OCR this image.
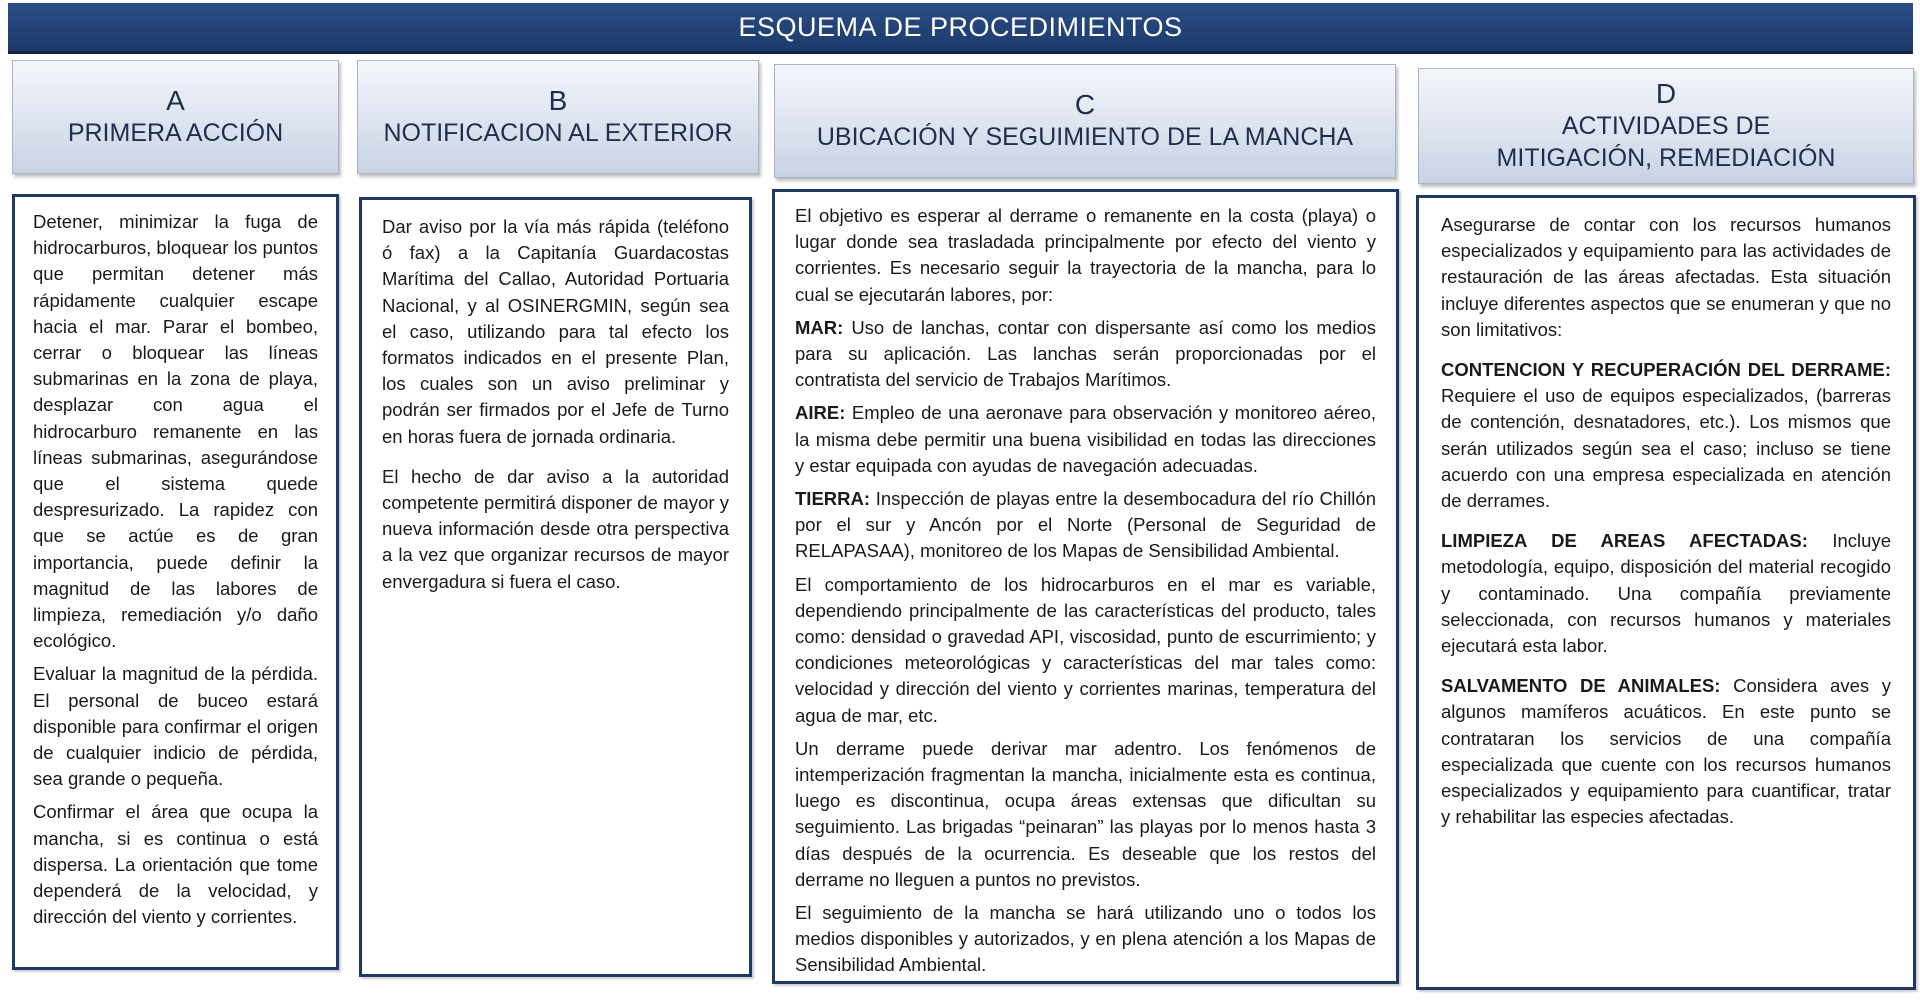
ESQUEMA DE PROCEDIMIENTOS
A
PRIMERA ACCIÓN

Detener, minimizar la fuga de hidrocarburos, bloquear los puntos que permitan detener más rápidamente cualquier escape hacia el mar. Parar el bombeo, cerrar o bloquear las líneas submarinas en la zona de playa, desplazar con agua el hidrocarburo remanente en las líneas submarinas, asegurándose que el sistema quede despresurizado. La rapidez con que se actúe es de gran importancia, puede definir la magnitud de las labores de limpieza, remediación y/o daño ecológico.

Evaluar la magnitud de la pérdida. El personal de buceo estará disponible para confirmar el origen de cualquier indicio de pérdida, sea grande o pequeña.

Confirmar el área que ocupa la mancha, si es continua o está dispersa. La orientación que tome dependerá de la velocidad, y dirección del viento y corrientes.

B
NOTIFICACION AL EXTERIOR

Dar aviso por la vía más rápida (teléfono ó fax) a la Capitanía Guardacostas Marítima del Callao, Autoridad Portuaria Nacional, y al OSINERGMIN, según sea el caso, utilizando para tal efecto los formatos indicados en el presente Plan, los cuales son un aviso preliminar y podrán ser firmados por el Jefe de Turno en horas fuera de jornada ordinaria.

El hecho de dar aviso a la autoridad competente permitirá disponer de mayor y nueva información desde otra perspectiva a la vez que organizar recursos de mayor envergadura si fuera el caso.

C
UBICACIÓN Y SEGUIMIENTO DE LA MANCHA

El objetivo es esperar al derrame o remanente en la costa (playa) o lugar donde sea trasladada principalmente por efecto del viento y corrientes. Es necesario seguir la trayectoria de la mancha, para lo cual se ejecutarán labores, por:

MAR: Uso de lanchas, contar con dispersante así como los medios para su aplicación. Las lanchas serán proporcionadas por el contratista del servicio de Trabajos Marítimos.

AIRE: Empleo de una aeronave para observación y monitoreo aéreo, la misma debe permitir una buena visibilidad en todas las direcciones y estar equipada con ayudas de navegación adecuadas.

TIERRA: Inspección de playas entre la desembocadura del río Chillón por el sur y Ancón por el Norte (Personal de Seguridad de RELAPASAA), monitoreo de los Mapas de Sensibilidad Ambiental.

El comportamiento de los hidrocarburos en el mar es variable, dependiendo principalmente de las características del producto, tales como: densidad o gravedad API, viscosidad, punto de escurrimiento; y condiciones meteorológicas y características del mar tales como: velocidad y dirección del viento y corrientes marinas, temperatura del agua de mar, etc.

Un derrame puede derivar mar adentro. Los fenómenos de intemperización fragmentan la mancha, inicialmente esta es continua, luego es discontinua, ocupa áreas extensas que dificultan su seguimiento. Las brigadas “peinaran” las playas por lo menos hasta 3 días después de la ocurrencia. Es deseable que los restos del derrame no lleguen a puntos no previstos.

El seguimiento de la mancha se hará utilizando uno o todos los medios disponibles y autorizados, y en plena atención a los Mapas de Sensibilidad Ambiental.

D
ACTIVIDADES DE MITIGACIÓN, REMEDIACIÓN

Asegurarse de contar con los recursos humanos especializados y equipamiento para las actividades de restauración de las áreas afectadas. Esta situación incluye diferentes aspectos que se enumeran y que no son limitativos:

CONTENCION Y RECUPERACIÓN DEL DERRAME: Requiere el uso de equipos especializados, (barreras de contención, desnatadores, etc.). Los mismos que serán utilizados según sea el caso; incluso se tiene acuerdo con una empresa especializada en atención de derrames.

LIMPIEZA DE AREAS AFECTADAS: Incluye metodología, equipo, disposición del material recogido y contaminado. Una compañía previamente seleccionada, con recursos humanos y materiales ejecutará esta labor.

SALVAMENTO DE ANIMALES: Considera aves y algunos mamíferos acuáticos. En este punto se contrataran los servicios de una compañía especializada que cuente con los recursos humanos especializados y equipamiento para cuantificar, tratar y rehabilitar las especies afectadas.
